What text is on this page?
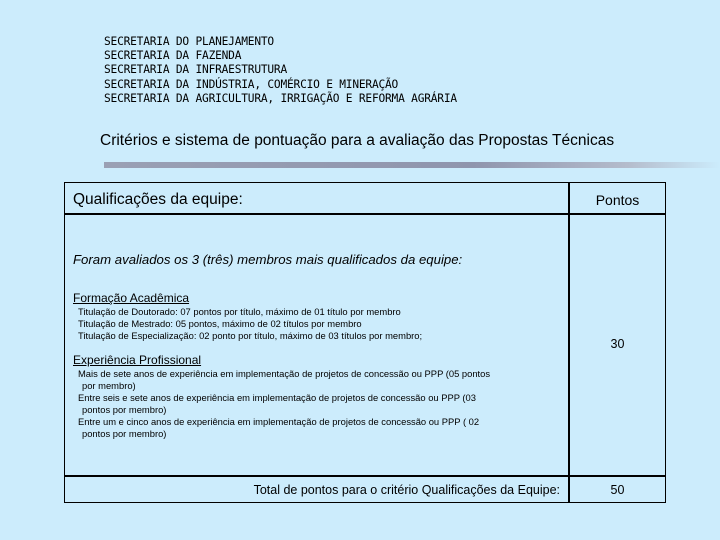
SECRETARIA DO PLANEJAMENTO
SECRETARIA DA FAZENDA
SECRETARIA DA INFRAESTRUTURA
SECRETARIA DA INDÚSTRIA, COMÉRCIO E MINERAÇÃO
SECRETARIA DA AGRICULTURA, IRRIGAÇÃO E REFORMA AGRÁRIA
Critérios e sistema de pontuação para a avaliação das Propostas Técnicas
Qualificações da equipe:	Pontos
Foram avaliados os 3 (três) membros mais qualificados da equipe:
Formação Acadêmica
Titulação de Doutorado: 07 pontos por título, máximo de 01 título por membro
Titulação de Mestrado: 05 pontos, máximo de 02 títulos por membro
Titulação de Especialização: 02 ponto por título, máximo de 03 títulos por membro;
Experiência Profissional
Mais de sete anos de experiência em implementação de projetos de concessão ou PPP (05 pontos
por membro)
Entre seis e sete anos de experiência em implementação de projetos de concessão ou PPP (03
pontos por membro)
Entre um e cinco anos de experiência em implementação de projetos de concessão ou PPP ( 02
pontos por membro)
30
Total de pontos para o critério Qualificações da Equipe:	50
